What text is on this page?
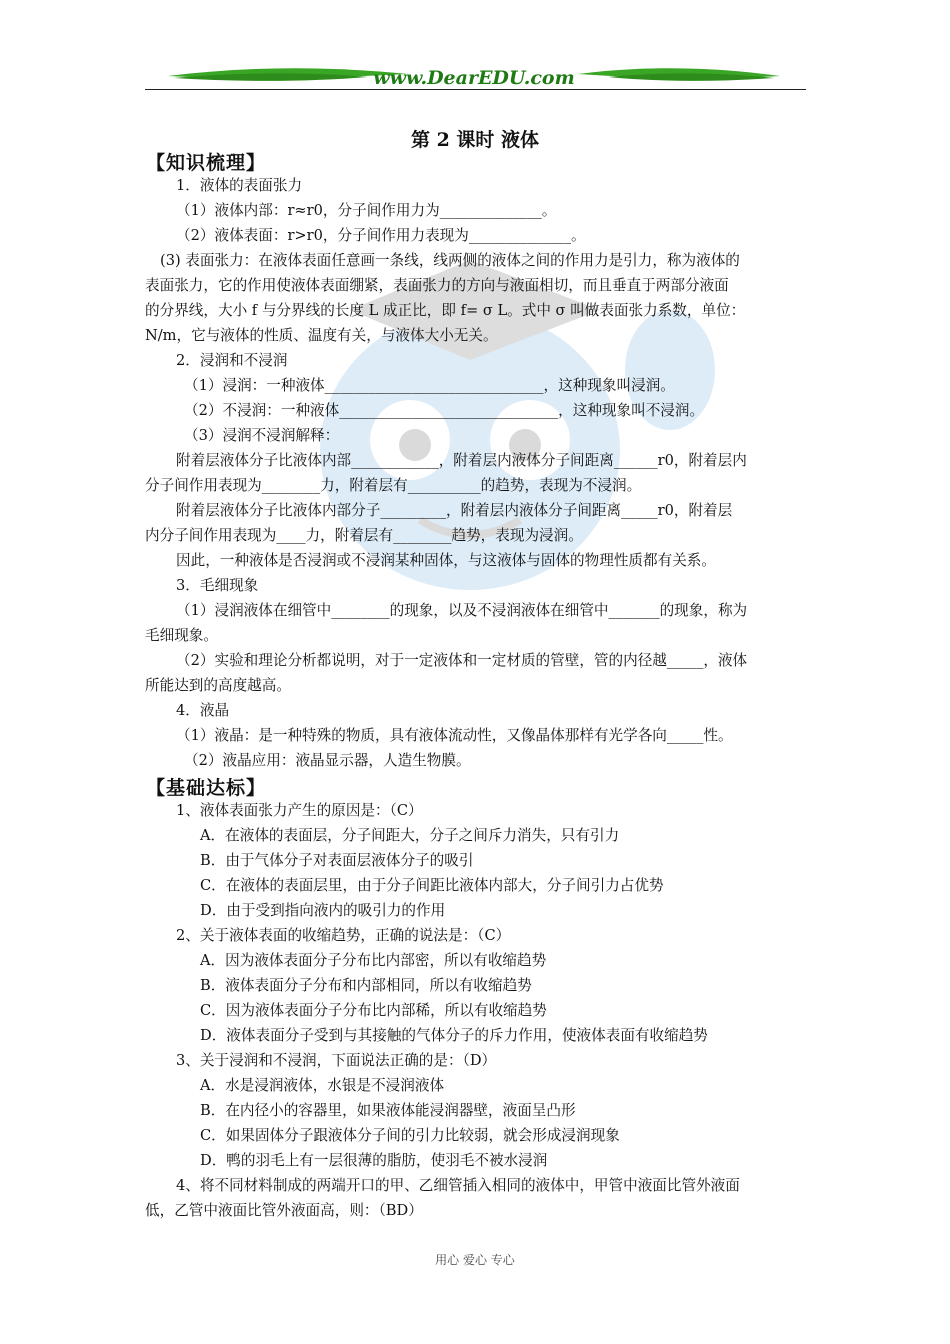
www.DearEDU.com
第 2 课时 液体
【知识梳理】
1．液体的表面张力
（1）液体内部：r≈r0，分子间作用力为______________。
（2）液体表面：r>r0，分子间作用力表现为______________。
(3) 表面张力：在液体表面任意画一条线，线两侧的液体之间的作用力是引力，称为液体的
表面张力，它的作用使液体表面绷紧，表面张力的方向与液面相切，而且垂直于两部分液面
的分界线，大小 f 与分界线的长度 L 成正比，即 f= σ L。式中 σ 叫做表面张力系数，单位：
N/m，它与液体的性质、温度有关，与液体大小无关。
2．浸润和不浸润
（1）浸润：一种液体______________________________，这种现象叫浸润。
（2）不浸润：一种液体______________________________，这种现象叫不浸润。
（3）浸润不浸润解释：
附着层液体分子比液体内部____________，附着层内液体分子间距离______r0，附着层内
分子间作用表现为________力，附着层有__________的趋势，表现为不浸润。
附着层液体分子比液体内部分子_________，附着层内液体分子间距离_____r0，附着层
内分子间作用表现为____力，附着层有________趋势，表现为浸润。
因此，一种液体是否浸润或不浸润某种固体，与这液体与固体的物理性质都有关系。
3．毛细现象
（1）浸润液体在细管中________的现象，以及不浸润液体在细管中_______的现象，称为
毛细现象。
（2）实验和理论分析都说明，对于一定液体和一定材质的管壁，管的内径越_____，液体
所能达到的高度越高。
4．液晶
（1）液晶：是一种特殊的物质，具有液体流动性，又像晶体那样有光学各向_____性。
（2）液晶应用：液晶显示器，人造生物膜。
【基础达标】
1、液体表面张力产生的原因是：（C）
A．在液体的表面层，分子间距大，分子之间斥力消失，只有引力
B．由于气体分子对表面层液体分子的吸引
C．在液体的表面层里，由于分子间距比液体内部大，分子间引力占优势
D．由于受到指向液内的吸引力的作用
2、关于液体表面的收缩趋势，正确的说法是：（C）
A．因为液体表面分子分布比内部密，所以有收缩趋势
B．液体表面分子分布和内部相同，所以有收缩趋势
C．因为液体表面分子分布比内部稀，所以有收缩趋势
D．液体表面分子受到与其接触的气体分子的斥力作用，使液体表面有收缩趋势
3、关于浸润和不浸润，下面说法正确的是：（D）
A．水是浸润液体，水银是不浸润液体
B．在内径小的容器里，如果液体能浸润器壁，液面呈凸形
C．如果固体分子跟液体分子间的引力比较弱，就会形成浸润现象
D．鸭的羽毛上有一层很薄的脂肪，使羽毛不被水浸润
4、将不同材料制成的两端开口的甲、乙细管插入相同的液体中，甲管中液面比管外液面
低，乙管中液面比管外液面高，则：（BD）
用心 爱心 专心
